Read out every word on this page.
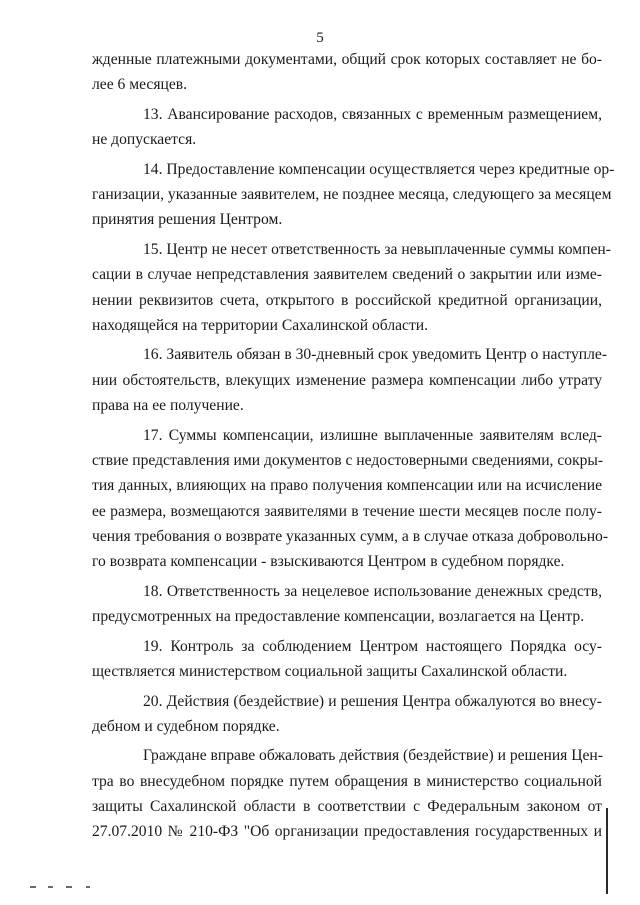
5
жденные платежными документами, общий срок которых составляет не бо-
лее 6 месяцев.
13. Авансирование расходов, связанных с временным размещением,
не допускается.
14. Предоставление компенсации осуществляется через кредитные ор-
ганизации, указанные заявителем, не позднее месяца, следующего за месяцем
принятия решения Центром.
15. Центр не несет ответственность за невыплаченные суммы компен-
сации в случае непредставления заявителем сведений о закрытии или изме-
нении реквизитов счета, открытого в российской кредитной организации,
находящейся на территории Сахалинской области.
16. Заявитель обязан в 30-дневный срок уведомить Центр о наступле-
нии обстоятельств, влекущих изменение размера компенсации либо утрату
права на ее получение.
17. Суммы компенсации, излишне выплаченные заявителям вслед-
ствие представления ими документов с недостоверными сведениями, сокры-
тия данных, влияющих на право получения компенсации или на исчисление
ее размера, возмещаются заявителями в течение шести месяцев после полу-
чения требования о возврате указанных сумм, а в случае отказа добровольно-
го возврата компенсации - взыскиваются Центром в судебном порядке.
18. Ответственность за нецелевое использование денежных средств,
предусмотренных на предоставление компенсации, возлагается на Центр.
19. Контроль за соблюдением Центром настоящего Порядка осу-
ществляется министерством социальной защиты Сахалинской области.
20. Действия (бездействие) и решения Центра обжалуются во внесу-
дебном и судебном порядке.
Граждане вправе обжаловать действия (бездействие) и решения Цен-
тра во внесудебном порядке путем обращения в министерство социальной
защиты Сахалинской области в соответствии с Федеральным законом от
27.07.2010 № 210-ФЗ "Об организации предоставления государственных и
